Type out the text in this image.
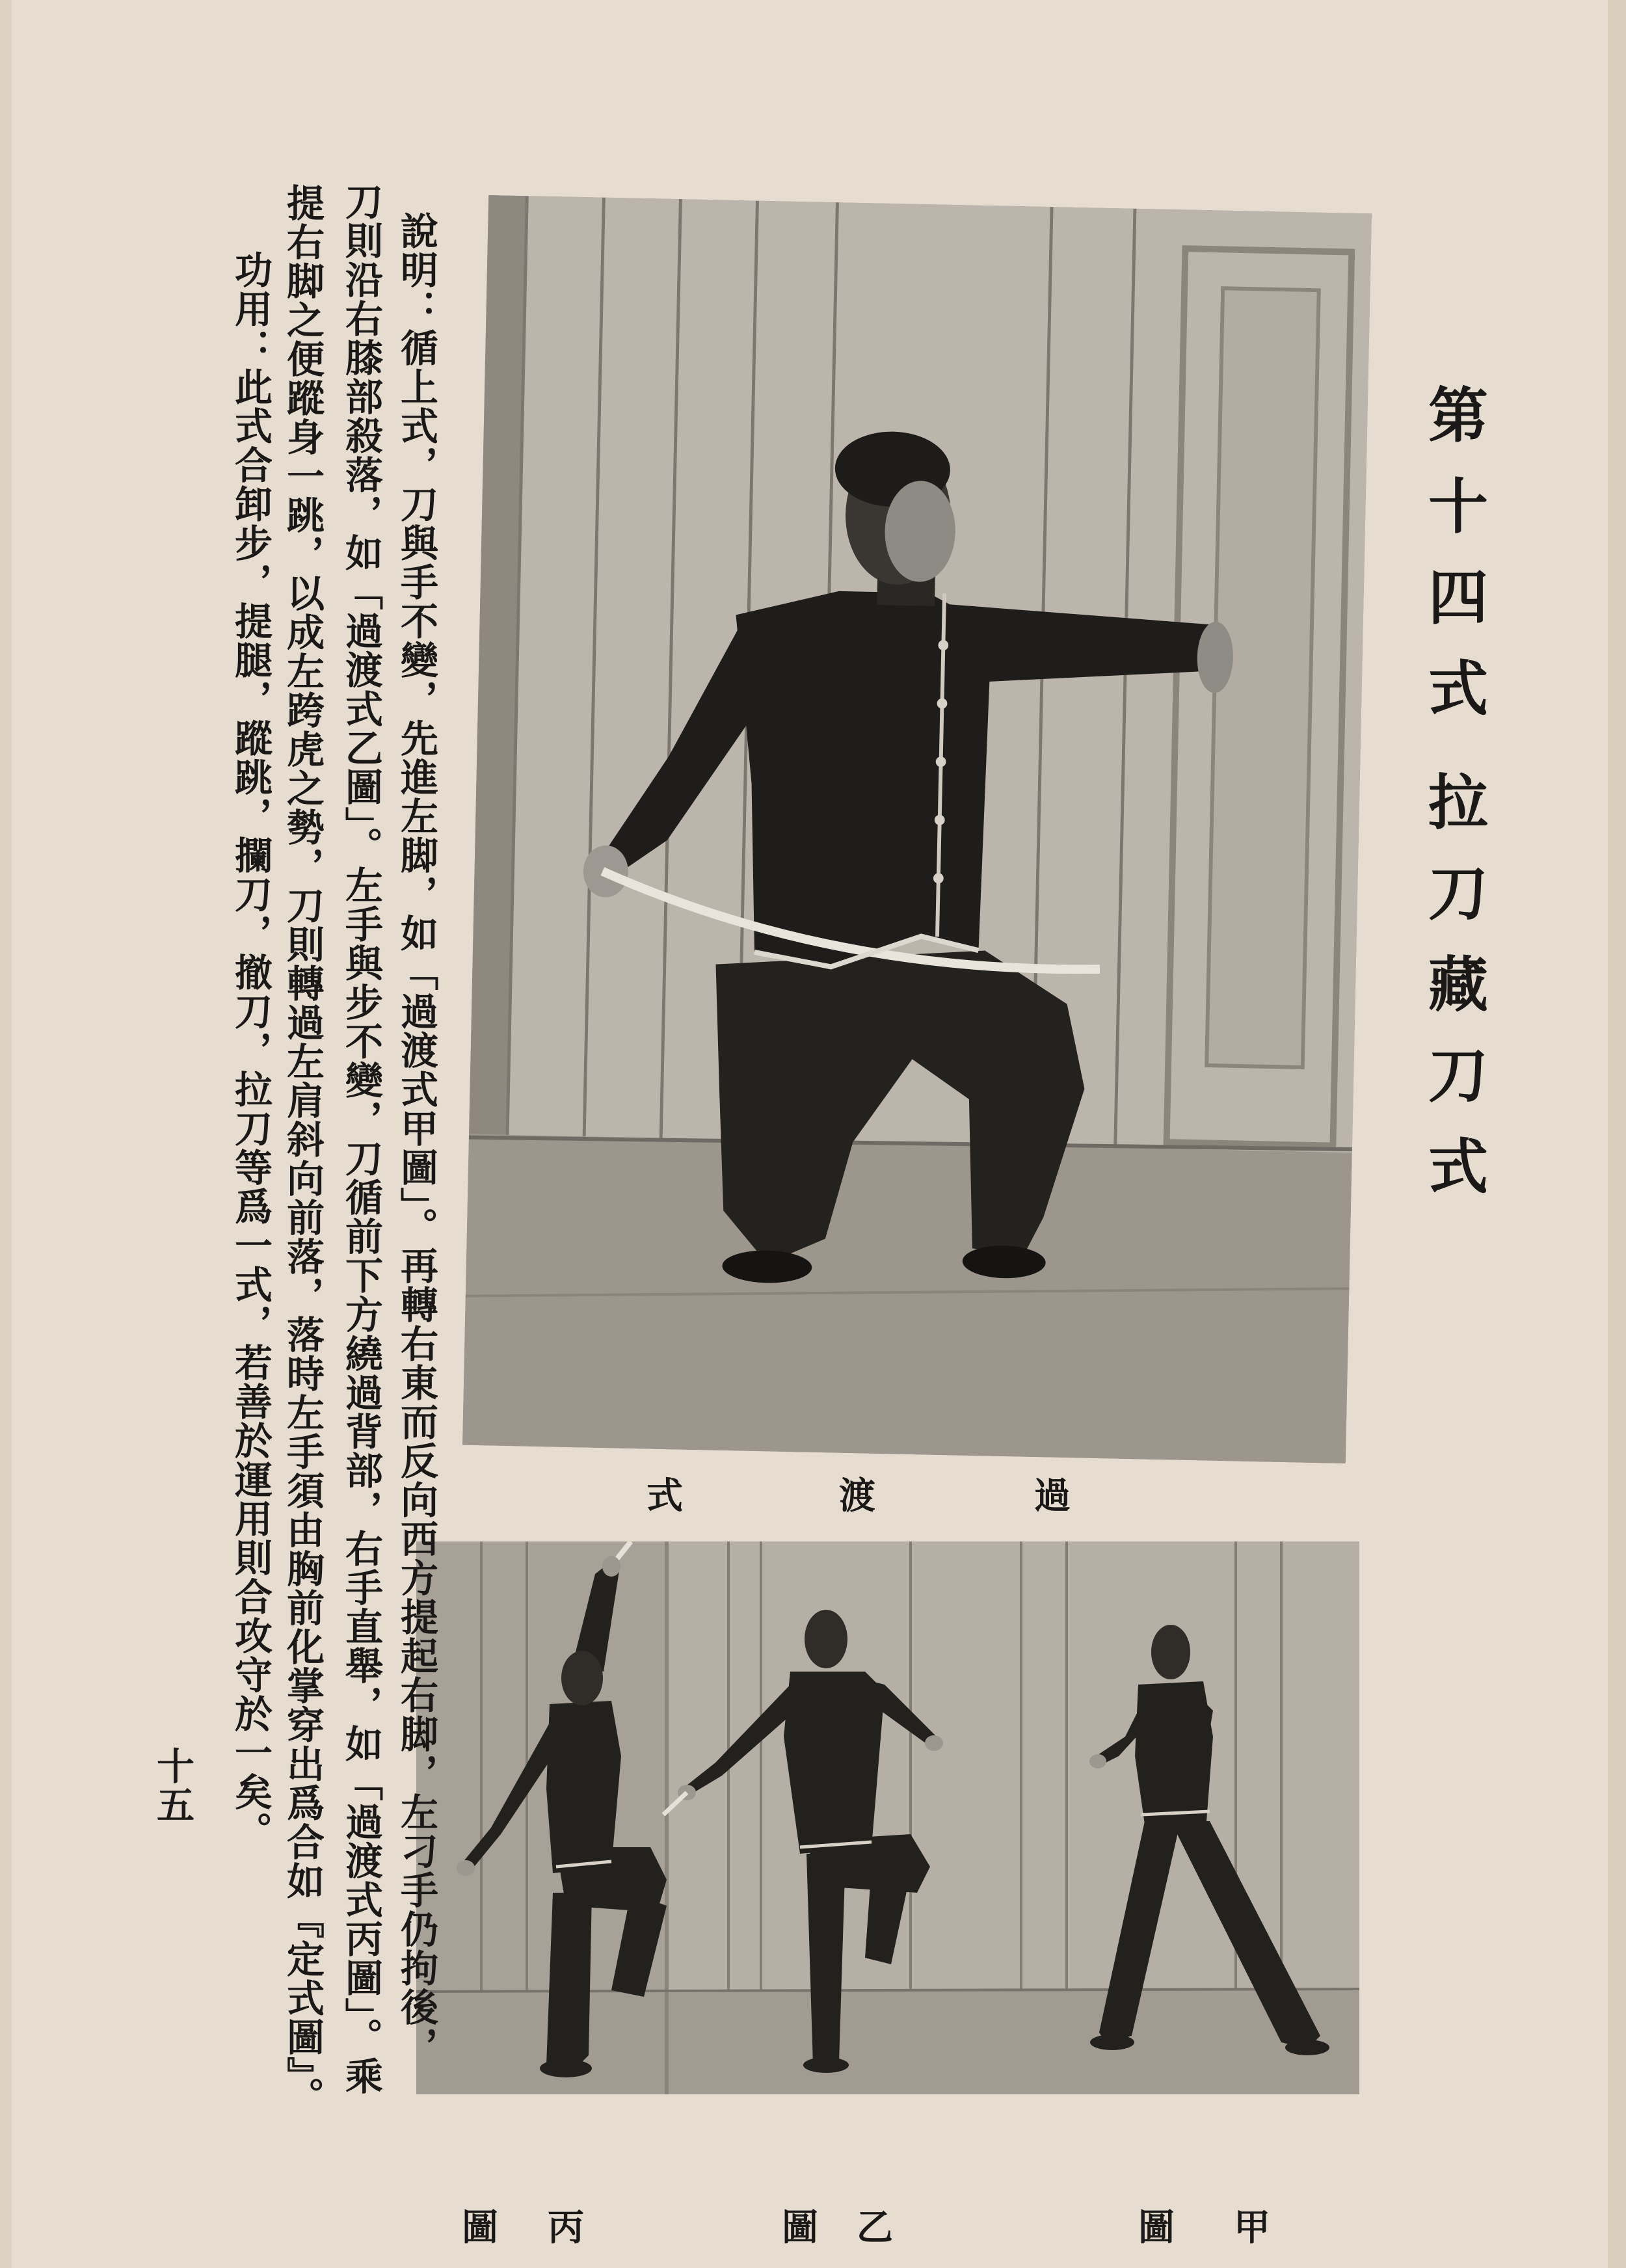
第十四式
拉刀藏刀式
過
渡
式
丙
圖	乙
圖	甲
圖
說明：循上式，刀與手不變，先進左脚，如「過渡式甲圖」。再轉右東而反向西方提起右脚，左刁手仍拘後，
刀則沿右膝部殺落，如「過渡式乙圖」。左手與步不變，刀循前下方繞過背部，右手直舉，如「過渡式丙圖」。乘
提右脚之便蹤身一跳，以成左跨虎之勢，刀則轉過左肩斜向前落，落時左手須由胸前化掌穿出爲合如『定式圖』。
功用：此式合卸步，提腿，蹤跳，攔刀，撤刀，拉刀等爲一式，若善於運用則合攻守於一矣。
十五
